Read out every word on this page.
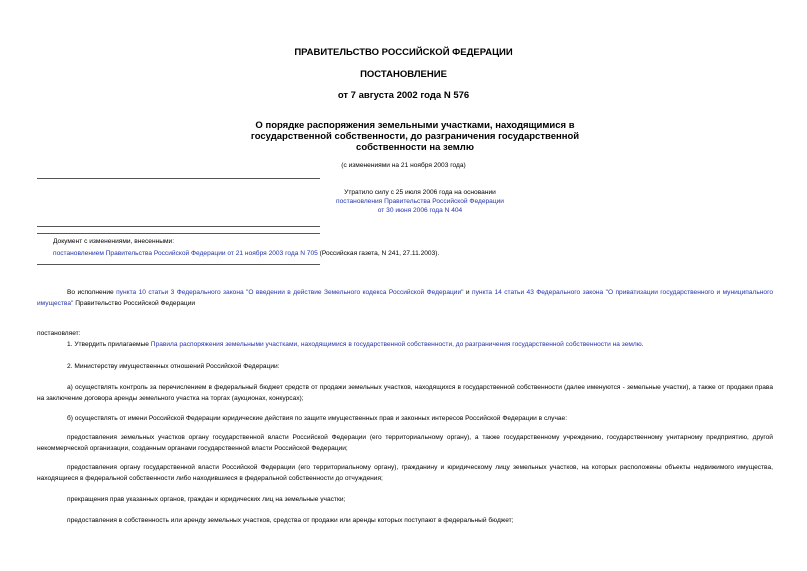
ПРАВИТЕЛЬСТВО РОССИЙСКОЙ ФЕДЕРАЦИИ
ПОСТАНОВЛЕНИЕ
от 7 августа 2002 года N 576
О порядке распоряжения земельными участками, находящимися в
государственной собственности, до разграничения государственной
собственности на землю
(с изменениями на 21 ноября 2003 года)
Утратило силу с 25 июля 2006 года на основании
постановления Правительства Российской Федерации
от 30 июня 2006 года N 404
Документ с изменениями, внесенными:
постановлением Правительства Российской Федерации от 21 ноября 2003 года N 705 (Российская газета, N 241, 27.11.2003).
Во исполнение пункта 10 статьи 3 Федерального закона "О введении в действие Земельного кодекса Российской Федерации" и пункта 14 статьи 43 Федерального закона "О приватизации государственного и муниципального имущества" Правительство Российской Федерации
постановляет:
1. Утвердить прилагаемые Правила распоряжения земельными участками, находящимися в государственной собственности, до разграничения государственной собственности на землю.
2. Министерству имущественных отношений Российской Федерации:
а) осуществлять контроль за перечислением в федеральный бюджет средств от продажи земельных участков, находящихся в государственной собственности (далее именуются - земельные участки), а также от продажи права на заключение договора аренды земельного участка на торгах (аукционах, конкурсах);
б) осуществлять от имени Российской Федерации юридические действия по защите имущественных прав и законных интересов Российской Федерации в случае:
предоставления земельных участков органу государственной власти Российской Федерации (его территориальному органу), а также государственному учреждению, государственному унитарному предприятию, другой некоммерческой организации, созданным органами государственной власти Российской Федерации;
предоставления органу государственной власти Российской Федерации (его территориальному органу), гражданину и юридическому лицу земельных участков, на которых расположены объекты недвижимого имущества, находящиеся в федеральной собственности либо находившиеся в федеральной собственности до отчуждения;
прекращения прав указанных органов, граждан и юридических лиц на земельные участки;
предоставления в собственность или аренду земельных участков, средства от продажи или аренды которых поступают в федеральный бюджет;
